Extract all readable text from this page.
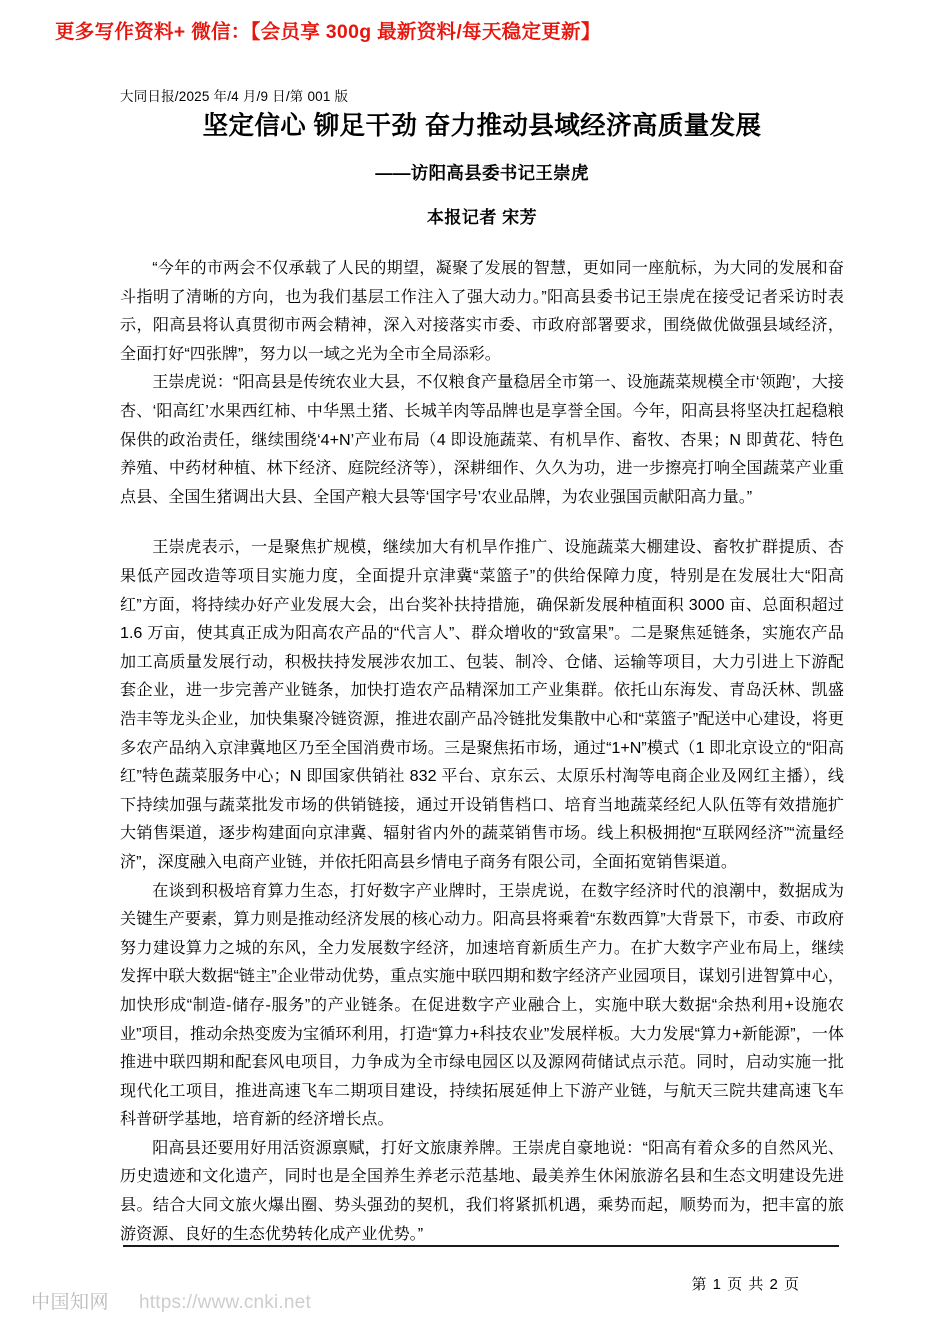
更多写作资料+ 微信：【会员享 300g 最新资料/每天稳定更新】
大同日报/2025 年/4 月/9 日/第 001 版
坚定信心 铆足干劲 奋力推动县域经济高质量发展
——访阳高县委书记王崇虎
本报记者 宋芳

“今年的市两会不仅承载了人民的期望，凝聚了发展的智慧，更如同一座航标，为大同的发展和奋斗指明了清晰的方向，也为我们基层工作注入了强大动力。”阳高县委书记王崇虎在接受记者采访时表示，阳高县将认真贯彻市两会精神，深入对接落实市委、市政府部署要求，围绕做优做强县域经济，全面打好“四张牌”，努力以一域之光为全市全局添彩。

王崇虎说：“阳高县是传统农业大县，不仅粮食产量稳居全市第一、设施蔬菜规模全市‘领跑’，大接杏、‘阳高红’水果西红柿、中华黑土猪、长城羊肉等品牌也是享誉全国。今年，阳高县将坚决扛起稳粮保供的政治责任，继续围绕‘4+N’产业布局（4 即设施蔬菜、有机旱作、畜牧、杏果；N 即黄花、特色养殖、中药材种植、林下经济、庭院经济等），深耕细作、久久为功，进一步擦亮打响全国蔬菜产业重点县、全国生猪调出大县、全国产粮大县等‘国字号’农业品牌，为农业强国贡献阳高力量。”

王崇虎表示，一是聚焦扩规模，继续加大有机旱作推广、设施蔬菜大棚建设、畜牧扩群提质、杏果低产园改造等项目实施力度，全面提升京津冀“菜篮子”的供给保障力度，特别是在发展壮大“阳高红”方面，将持续办好产业发展大会，出台奖补扶持措施，确保新发展种植面积 3000 亩、总面积超过 1.6 万亩，使其真正成为阳高农产品的“代言人”、群众增收的“致富果”。二是聚焦延链条，实施农产品加工高质量发展行动，积极扶持发展涉农加工、包装、制冷、仓储、运输等项目，大力引进上下游配套企业，进一步完善产业链条，加快打造农产品精深加工产业集群。依托山东海发、青岛沃林、凯盛浩丰等龙头企业，加快集聚冷链资源，推进农副产品冷链批发集散中心和“菜篮子”配送中心建设，将更多农产品纳入京津冀地区乃至全国消费市场。三是聚焦拓市场，通过“1+N”模式（1 即北京设立的“阳高红”特色蔬菜服务中心；N 即国家供销社 832 平台、京东云、太原乐村淘等电商企业及网红主播），线下持续加强与蔬菜批发市场的供销链接，通过开设销售档口、培育当地蔬菜经纪人队伍等有效措施扩大销售渠道，逐步构建面向京津冀、辐射省内外的蔬菜销售市场。线上积极拥抱“互联网经济”“流量经济”，深度融入电商产业链，并依托阳高县乡情电子商务有限公司，全面拓宽销售渠道。

在谈到积极培育算力生态，打好数字产业牌时，王崇虎说，在数字经济时代的浪潮中，数据成为关键生产要素，算力则是推动经济发展的核心动力。阳高县将乘着“东数西算”大背景下，市委、市政府努力建设算力之城的东风，全力发展数字经济，加速培育新质生产力。在扩大数字产业布局上，继续发挥中联大数据“链主”企业带动优势，重点实施中联四期和数字经济产业园项目，谋划引进智算中心，加快形成“制造-储存-服务”的产业链条。在促进数字产业融合上，实施中联大数据“余热利用+设施农业”项目，推动余热变废为宝循环利用，打造“算力+科技农业”发展样板。大力发展“算力+新能源”，一体推进中联四期和配套风电项目，力争成为全市绿电园区以及源网荷储试点示范。同时，启动实施一批现代化工项目，推进高速飞车二期项目建设，持续拓展延伸上下游产业链，与航天三院共建高速飞车科普研学基地，培育新的经济增长点。

阳高县还要用好用活资源禀赋，打好文旅康养牌。王崇虎自豪地说：“阳高有着众多的自然风光、历史遗迹和文化遗产，同时也是全国养生养老示范基地、最美养生休闲旅游名县和生态文明建设先进县。结合大同文旅火爆出圈、势头强劲的契机，我们将紧抓机遇，乘势而起，顺势而为，把丰富的旅游资源、良好的生态优势转化成产业优势。”

第 1 页 共 2 页
中国知网 https://www.cnki.net
